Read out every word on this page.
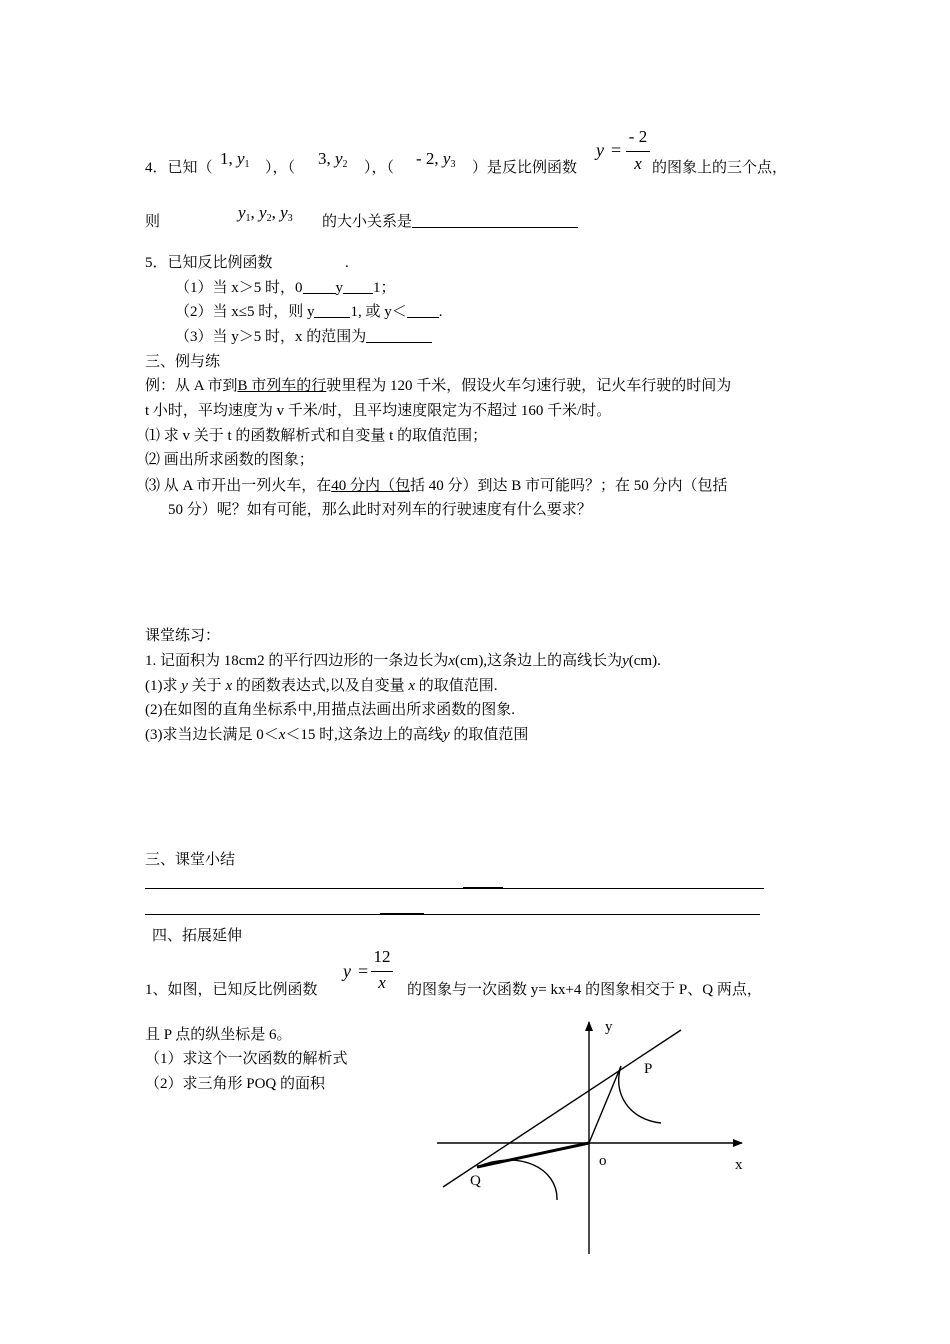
4．已知（ 1, $y_1$ ），（ 3, $y_2$ ），（ - 2, $y_3$ ）是反比例函数
y =
- 2
x 的图象上的三个点，
则	$y_1$, $y_2$, $y_3$ 的大小关系是
5．已知反比例函数	.
（1）当 x＞5 时，0 y 1；
（2）当 x≤5 时，则 y 1, 或 y＜ .
（3）当 y＞5 时，x 的范围为
三、例与练
例：从 A 市到B 市列车的行驶里程为 120 千米，假设火车匀速行驶，记火车行驶的时间为
t 小时，平均速度为 v 千米/时，且平均速度限定为不超过 160 千米/时。
⑴ 求 v 关于 t 的函数解析式和自变量 t 的取值范围；
⑵ 画出所求函数的图象；
⑶ 从 A 市开出一列火车，在40 分内（包括 40 分）到达 B 市可能吗？；在 50 分内（包括
50 分）呢？如有可能，那么此时对列车的行驶速度有什么要求？
课堂练习：
1. 记面积为 18cm2 的平行四边形的一条边长为x(cm),这条边上的高线长为y(cm).
(1)求 y 关于 x 的函数表达式,以及自变量 x 的取值范围.
(2)在如图的直角坐标系中,用描点法画出所求函数的图象.
(3)求当边长满足 0＜x＜15 时,这条边上的高线y 的取值范围
三、课堂小结
四、拓展延伸
1、如图，已知反比例函数
y =
12
x	的图象与一次函数 y= kx+4 的图象相交于 P、Q 两点，
且 P 点的纵坐标是 6。
（1）求这个一次函数的解析式
（2）求三角形 POQ 的面积
y
x
o
P
Q
